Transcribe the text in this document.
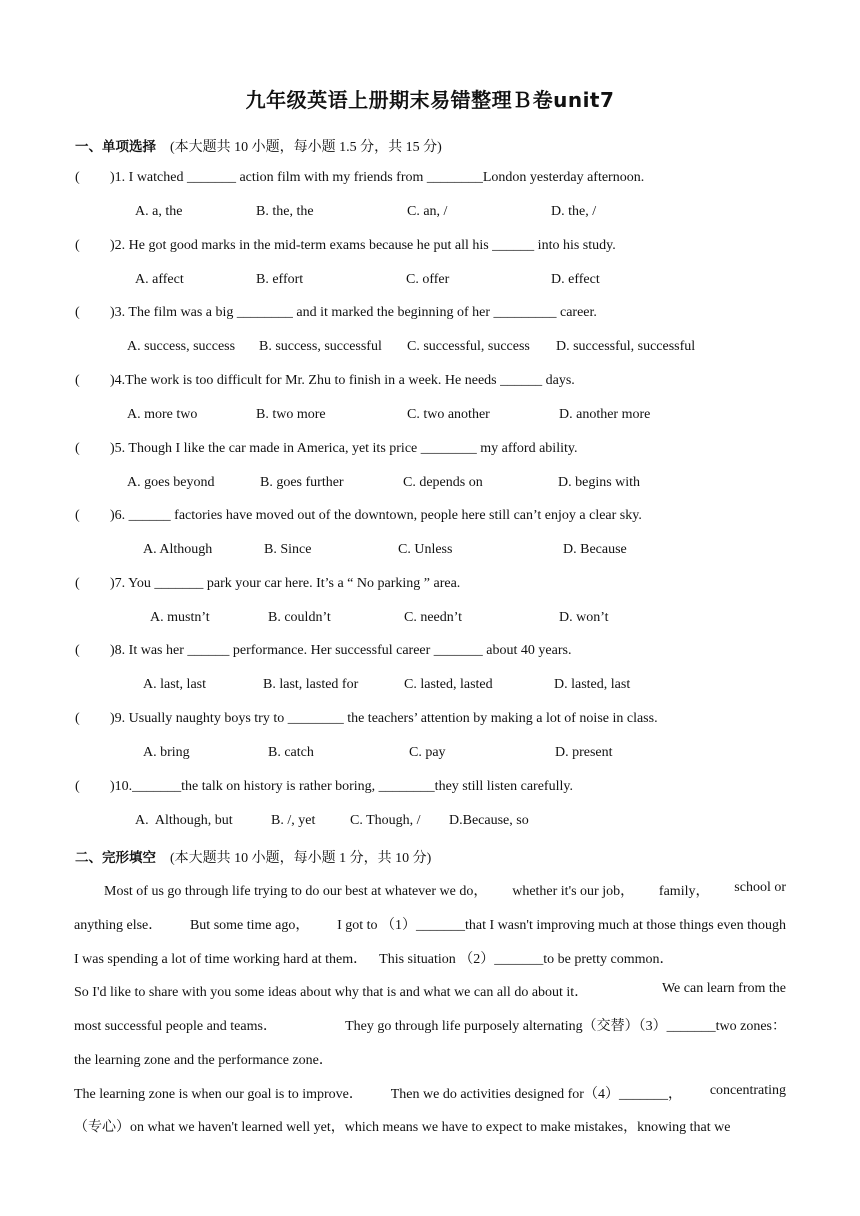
九年级英语上册期末易错整理Ｂ卷unit7
一、单项选择 (本大题共 10 小题，每小题 1.5 分，共 15 分)
( )1. I watched _______ action film with my friends from ________London yesterday afternoon.
A. a, the	B. the, the	C. an, /	D. the, /
( )2. He got good marks in the mid-term exams because he put all his ______ into his study.
A. affect	B. effort	C. offer	D. effect
( )3. The film was a big ________ and it marked the beginning of her _________ career.
A. success, success B. success, successful C. successful, success D. successful, successful
( )4.The work is too difficult for Mr. Zhu to finish in a week. He needs ______ days.
A. more two	B. two more	C. two another	D. another more
( )5. Though I like the car made in America, yet its price ________ my afford ability.
A. goes beyond	B. goes further	C. depends on	D. begins with
( )6. ______ factories have moved out of the downtown, people here still can’t enjoy a clear sky.
A. Although	B. Since	C. Unless	D. Because
( )7. You _______ park your car here. It’s a “ No parking ” area.
A. mustn’t	B. couldn’t	C. needn’t	D. won’t
( )8. It was her ______ performance. Her successful career _______ about 40 years.
A. last, last	B. last, lasted for	C. lasted, lasted	D. lasted, last
( )9. Usually naughty boys try to ________ the teachers’ attention by making a lot of noise in class.
A. bring	B. catch	C. pay	D. present
( )10._______the talk on history is rather boring, ________they still listen carefully.
A.  Although, but	B. /, yet C. Though, / D.Because, so
二、完形填空 (本大题共 10 小题，每小题 1 分，共 10 分)
Most of us go through life trying to do our best at whatever we do， whether it's our job， family， school or
anything else． But some time ago， I got to （1）_______that I wasn't improving much at those things even though
I was spending a lot of time working hard at them． This situation （2）_______to be pretty common．
So I'd like to share with you some ideas about why that is and what we can all do about it．	We can learn from the
most successful people and teams．	They go through life purposely alternating（交替）（3）_______two zones：
the learning zone and the performance zone．
The learning zone is when our goal is to improve． Then we do activities designed for（4）_______， concentrating
（专心）on what we haven't learned well yet，which means we have to expect to make mistakes，knowing that we
